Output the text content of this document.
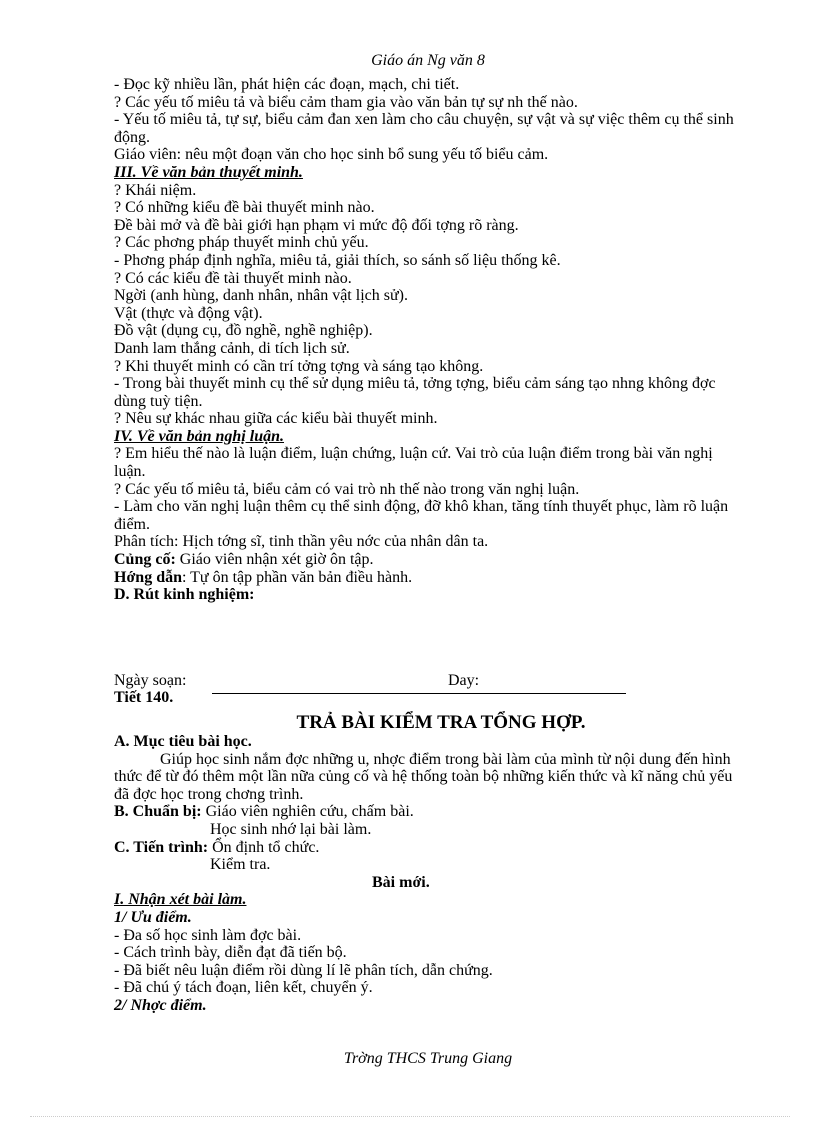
Giáo án Ng văn 8
- Đọc kỹ nhiều lần, phát hiện các đoạn, mạch, chi tiết.
? Các yếu tố miêu tả và biểu cảm tham gia vào văn bản tự sự nh thế nào.
- Yếu tố miêu tả, tự sự, biểu cảm đan xen làm cho câu chuyện, sự vật và sự việc thêm cụ thể sinh động.
Giáo viên: nêu một đoạn văn cho học sinh bổ sung yếu tố biểu cảm.
III. Về văn bản thuyết minh.
? Khái niệm.
? Có những kiểu đề bài thuyết minh nào.
Đề bài mở và đề bài giới hạn phạm vi mức độ đối tợng rõ ràng.
? Các phơng pháp thuyết minh chủ yếu.
- Phơng pháp định nghĩa, miêu tả, giải thích, so sánh số liệu thống kê.
? Có các kiểu đề tài thuyết minh nào.
Ngời (anh hùng, danh nhân, nhân vật lịch sử).
Vật (thực và động vật).
Đồ vật (dụng cụ, đồ nghề, nghề nghiệp).
Danh lam thắng cảnh, di tích lịch sử.
? Khi thuyết minh có cần trí tởng tợng và sáng tạo không.
- Trong bài thuyết minh cụ thể sử dụng miêu tả, tởng tợng, biểu cảm sáng tạo nhng không đợc dùng tuỳ tiện.
? Nêu sự khác nhau giữa các kiểu bài thuyết minh.
IV. Về văn bản nghị luận.
? Em hiểu thế nào là luận điểm, luận chứng, luận cứ. Vai trò của luận điểm trong bài văn nghị luận.
? Các yếu tố miêu tả, biểu cảm có vai trò nh thế nào trong văn nghị luận.
- Làm cho văn nghị luận thêm cụ thể sinh động, đỡ khô khan, tăng tính thuyết phục, làm rõ luận điểm.
Phân tích: Hịch tớng sĩ, tinh thần yêu nớc của nhân dân ta.
Củng cố: Giáo viên nhận xét giờ ôn tập.
Hớng dẫn: Tự ôn tập phần văn bản điều hành.
D. Rút kinh nghiệm:
Ngày soạn:	Day:
Tiết 140.
TRẢ BÀI KIỂM TRA TỔNG HỢP.
A. Mục tiêu bài học.
Giúp học sinh nắm đợc những u, nhợc điểm trong bài làm của mình từ nội dung đến hình thức để từ đó thêm một lần nữa củng cố và hệ thống toàn bộ những kiến thức và kĩ năng chủ yếu đã đợc học trong chơng trình.
B. Chuẩn bị: Giáo viên nghiên cứu, chấm bài.
Học sinh nhớ lại bài làm.
C. Tiến trình: Ổn định tổ chức.
Kiểm tra.
Bài mới.
I. Nhận xét bài làm.
1/ Ưu điểm.
- Đa số học sinh làm đợc bài.
- Cách trình bày, diễn đạt đã tiến bộ.
- Đã biết nêu luận điểm rồi dùng lí lẽ phân tích, dẫn chứng.
- Đã chú ý tách đoạn, liên kết, chuyển ý.
2/ Nhợc điểm.
Trờng THCS Trung Giang
